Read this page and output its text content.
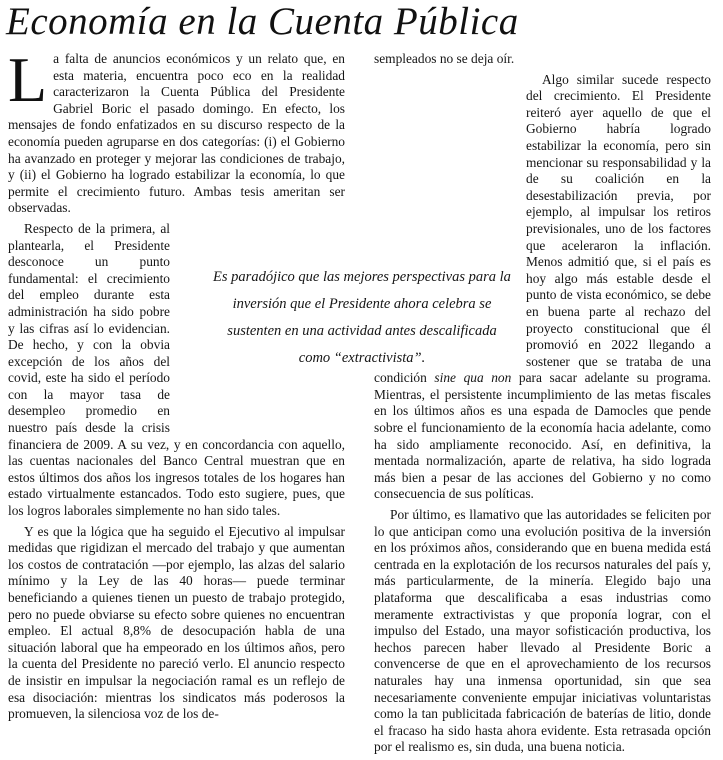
Economía en la Cuenta Pública

La falta de anuncios económicos y un relato que, en esta materia, encuentra poco eco en la realidad caracterizaron la Cuenta Pública del Presidente Gabriel Boric el pasado domingo. En efecto, los mensajes de fondo enfatizados en su discurso respecto de la economía pueden agruparse en dos categorías: (i) el Gobierno ha avanzado en proteger y mejorar las condiciones de trabajo, y (ii) el Gobierno ha logrado estabilizar la economía, lo que permite el crecimiento futuro. Ambas tesis ameritan ser observadas.

Respecto de la primera, al plantearla, el Presidente desconoce un punto fundamental: el crecimiento del empleo durante esta administración ha sido pobre y las cifras así lo evidencian. De hecho, y con la obvia excepción de los años del covid, este ha sido el período con la mayor tasa de desempleo promedio en nuestro país desde la crisis financiera de 2009. A su vez, y en concordancia con aquello, las cuentas nacionales del Banco Central muestran que en estos últimos dos años los ingresos totales de los hogares han estado virtualmente estancados. Todo esto sugiere, pues, que los logros laborales simplemente no han sido tales.

Y es que la lógica que ha seguido el Ejecutivo al impulsar medidas que rigidizan el mercado del trabajo y que aumentan los costos de contratación —por ejemplo, las alzas del salario mínimo y la Ley de las 40 horas— puede terminar beneficiando a quienes tienen un puesto de trabajo protegido, pero no puede obviarse su efecto sobre quienes no encuentran empleo. El actual 8,8% de desocupación habla de una situación laboral que ha empeorado en los últimos años, pero la cuenta del Presidente no pareció verlo. El anuncio respecto de insistir en impulsar la negociación ramal es un reflejo de esa disociación: mientras los sindicatos más poderosos la promueven, la silenciosa voz de los de-

sempleados no se deja oír.

Algo similar sucede respecto del crecimiento. El Presidente reiteró ayer aquello de que el Gobierno habría logrado estabilizar la economía, pero sin mencionar su responsabilidad y la de su coalición en la desestabilización previa, por ejemplo, al impulsar los retiros previsionales, uno de los factores que aceleraron la inflación. Menos admitió que, si el país es hoy algo más estable desde el punto de vista económico, se debe en buena parte al rechazo del proyecto constitucional que él promovió en 2022 llegando a sostener que se trataba de una condición sine qua non para sacar adelante su programa. Mientras, el persistente incumplimiento de las metas fiscales en los últimos años es una espada de Damocles que pende sobre el funcionamiento de la economía hacia adelante, como ha sido ampliamente reconocido. Así, en definitiva, la mentada normalización, aparte de relativa, ha sido lograda más bien a pesar de las acciones del Gobierno y no como consecuencia de sus políticas.

Por último, es llamativo que las autoridades se feliciten por lo que anticipan como una evolución positiva de la inversión en los próximos años, considerando que en buena medida está centrada en la explotación de los recursos naturales del país y, más particularmente, de la minería. Elegido bajo una plataforma que descalificaba a esas industrias como meramente extractivistas y que proponía lograr, con el impulso del Estado, una mayor sofisticación productiva, los hechos parecen haber llevado al Presidente Boric a convencerse de que en el aprovechamiento de los recursos naturales hay una inmensa oportunidad, sin que sea necesariamente conveniente empujar iniciativas voluntaristas como la tan publicitada fabricación de baterías de litio, donde el fracaso ha sido hasta ahora evidente. Esta retrasada opción por el realismo es, sin duda, una buena noticia.

Es paradójico que las mejores perspectivas para la inversión que el Presidente ahora celebra se sustenten en una actividad antes descalificada como “extractivista”.
